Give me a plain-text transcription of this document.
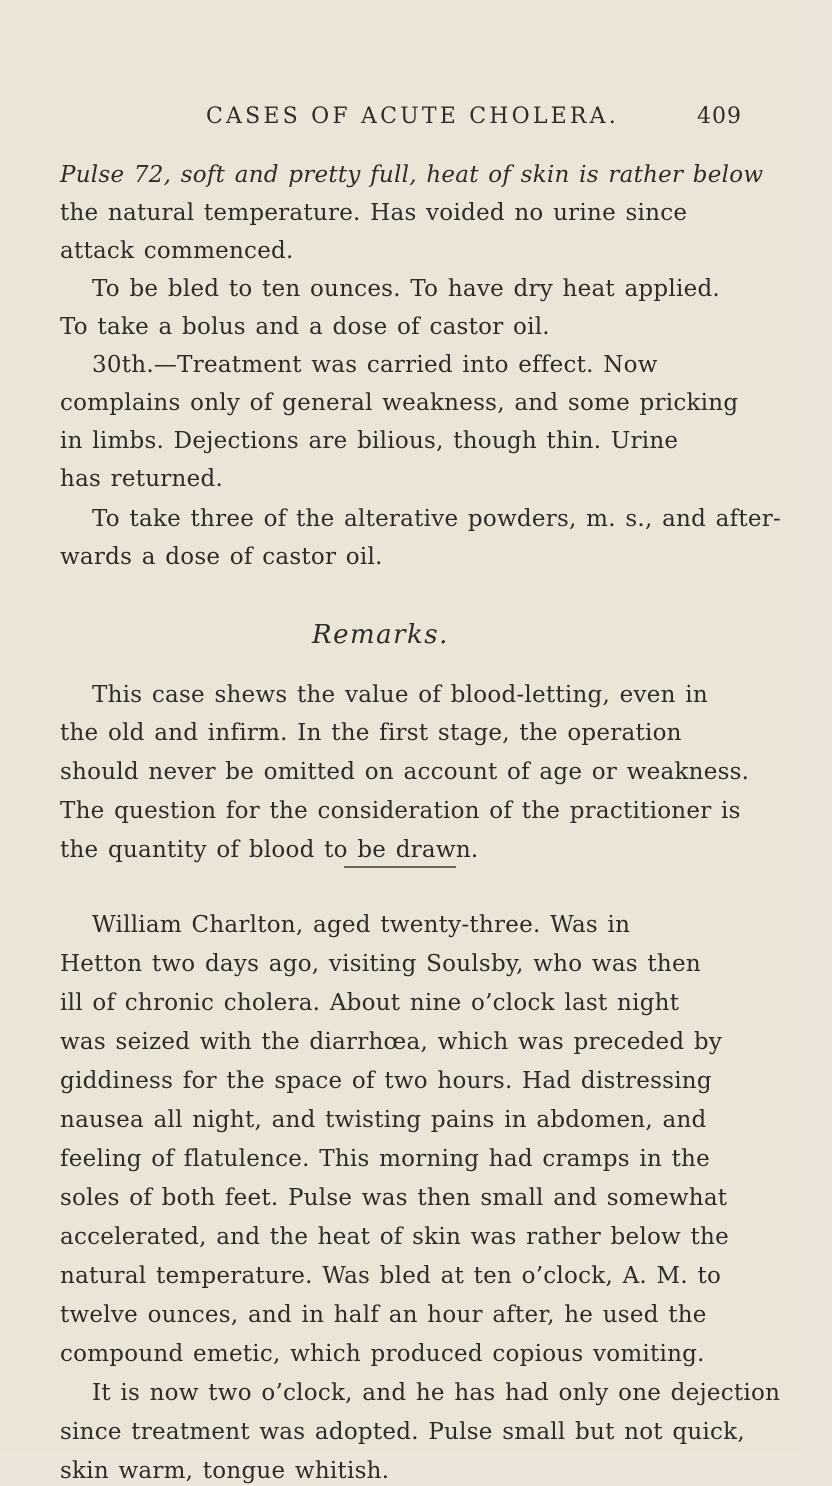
CASES OF ACUTE CHOLERA.	409
Pulse 72, soft and pretty full, heat of skin is rather below
the natural temperature. Has voided no urine since
attack commenced.
To be bled to ten ounces. To have dry heat applied.
To take a bolus and a dose of castor oil.
30th.—Treatment was carried into effect. Now
complains only of general weakness, and some pricking
in limbs. Dejections are bilious, though thin. Urine
has returned.
To take three of the alterative powders, m. s., and after-
wards a dose of castor oil.
Remarks.
This case shews the value of blood-letting, even in
the old and infirm. In the first stage, the operation
should never be omitted on account of age or weakness.
The question for the consideration of the practitioner is
the quantity of blood to be drawn.
William Charlton, aged twenty-three. Was in
Hetton two days ago, visiting Soulsby, who was then
ill of chronic cholera. About nine o’clock last night
was seized with the diarrhœa, which was preceded by
giddiness for the space of two hours. Had distressing
nausea all night, and twisting pains in abdomen, and
feeling of flatulence. This morning had cramps in the
soles of both feet. Pulse was then small and somewhat
accelerated, and the heat of skin was rather below the
natural temperature. Was bled at ten o’clock, A. M. to
twelve ounces, and in half an hour after, he used the
compound emetic, which produced copious vomiting.
It is now two o’clock, and he has had only one dejection
since treatment was adopted. Pulse small but not quick,
skin warm, tongue whitish.
